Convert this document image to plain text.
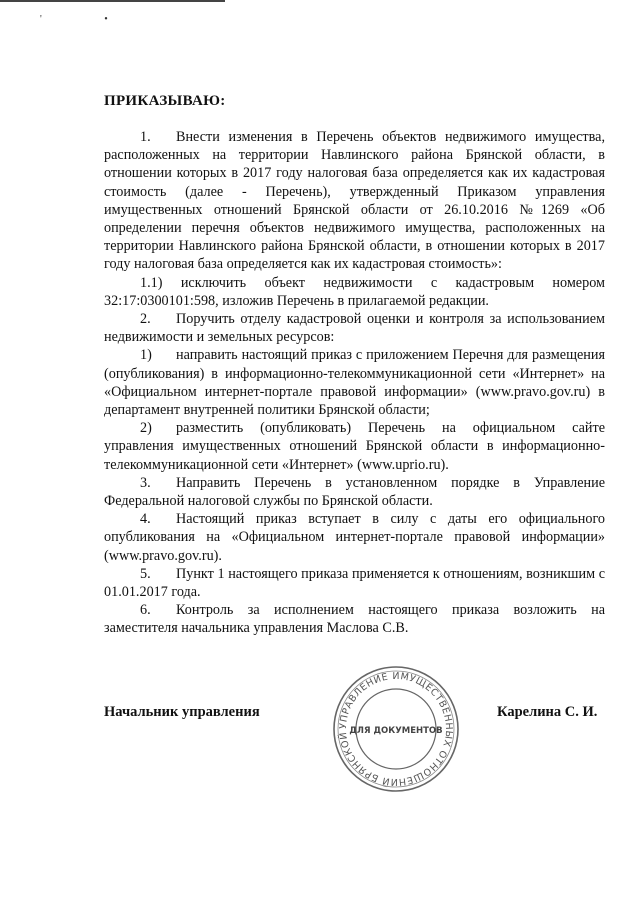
' •
ПРИКАЗЫВАЮ:

1. Внести изменения в Перечень объектов недвижимого имущества, расположенных на территории Навлинского района Брянской области, в отношении которых в 2017 году налоговая база определяется как их кадастровая стоимость (далее - Перечень), утвержденный Приказом управления имущественных отношений Брянской области от 26.10.2016 №1269 «Об определении перечня объектов недвижимого имущества, расположенных на территории Навлинского района Брянской области, в отношении которых в 2017 году налоговая база определяется как их кадастровая стоимость»:

1.1) исключить объект недвижимости с кадастровым номером 32:17:0300101:598, изложив Перечень в прилагаемой редакции.

2. Поручить отделу кадастровой оценки и контроля за использованием недвижимости и земельных ресурсов:

1) направить настоящий приказ с приложением Перечня для размещения (опубликования) в информационно-телекоммуникационной сети «Интернет» на «Официальном интернет-портале правовой информации» (www.pravo.gov.ru) в департамент внутренней политики Брянской области;

2) разместить (опубликовать) Перечень на официальном сайте управления имущественных отношений Брянской области в информационно-телекоммуникационной сети «Интернет» (www.uprio.ru).

3. Направить Перечень в установленном порядке в Управление Федеральной налоговой службы по Брянской области.

4. Настоящий приказ вступает в силу с даты его официального опубликования на «Официальном интернет-портале правовой информации» (www.pravo.gov.ru).

5. Пункт 1 настоящего приказа применяется к отношениям, возникшим с 01.01.2017 года.

6. Контроль за исполнением настоящего приказа возложить на заместителя начальника управления Маслова С.В.

Начальник управления	Карелина С. И.
УПРАВЛЕНИЕ ИМУЩЕСТВЕННЫХ ОТНОШЕНИЙ БРЯНСКОЙ ДЛЯ ДОКУМЕНТОВ
